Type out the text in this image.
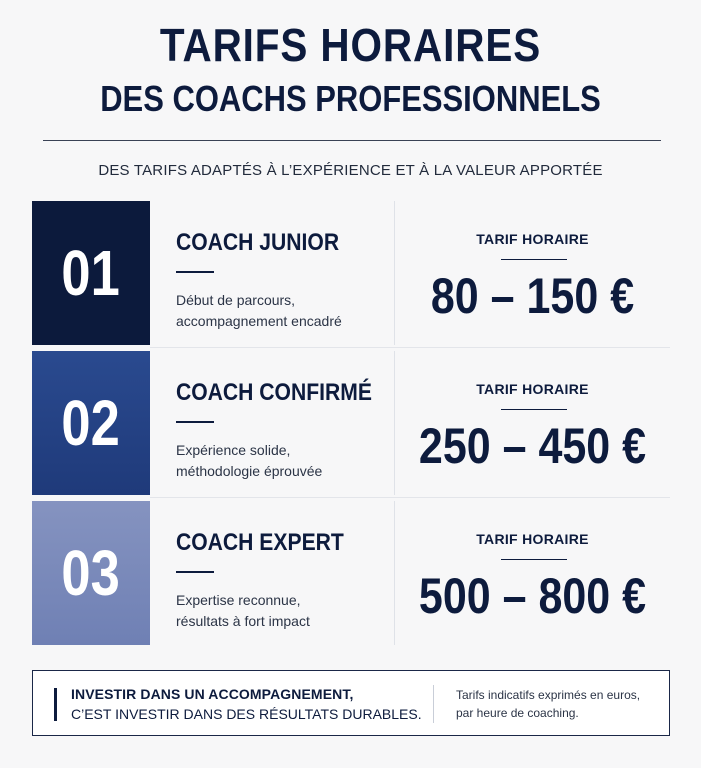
TARIFS HORAIRES
DES COACHS PROFESSIONNELS
DES TARIFS ADAPTÉS À L’EXPÉRIENCE ET À LA VALEUR APPORTÉE
01 COACH JUNIOR
Début de parcours,
accompagnement encadré
TARIF HORAIRE
80 – 150 €
02 COACH CONFIRMÉ
Expérience solide,
méthodologie éprouvée
TARIF HORAIRE
250 – 450 €
03 COACH EXPERT
Expertise reconnue,
résultats à fort impact
TARIF HORAIRE
500 – 800 €
INVESTIR DANS UN ACCOMPAGNEMENT,
C’EST INVESTIR DANS DES RÉSULTATS DURABLES.
Tarifs indicatifs exprimés en euros,
par heure de coaching.
